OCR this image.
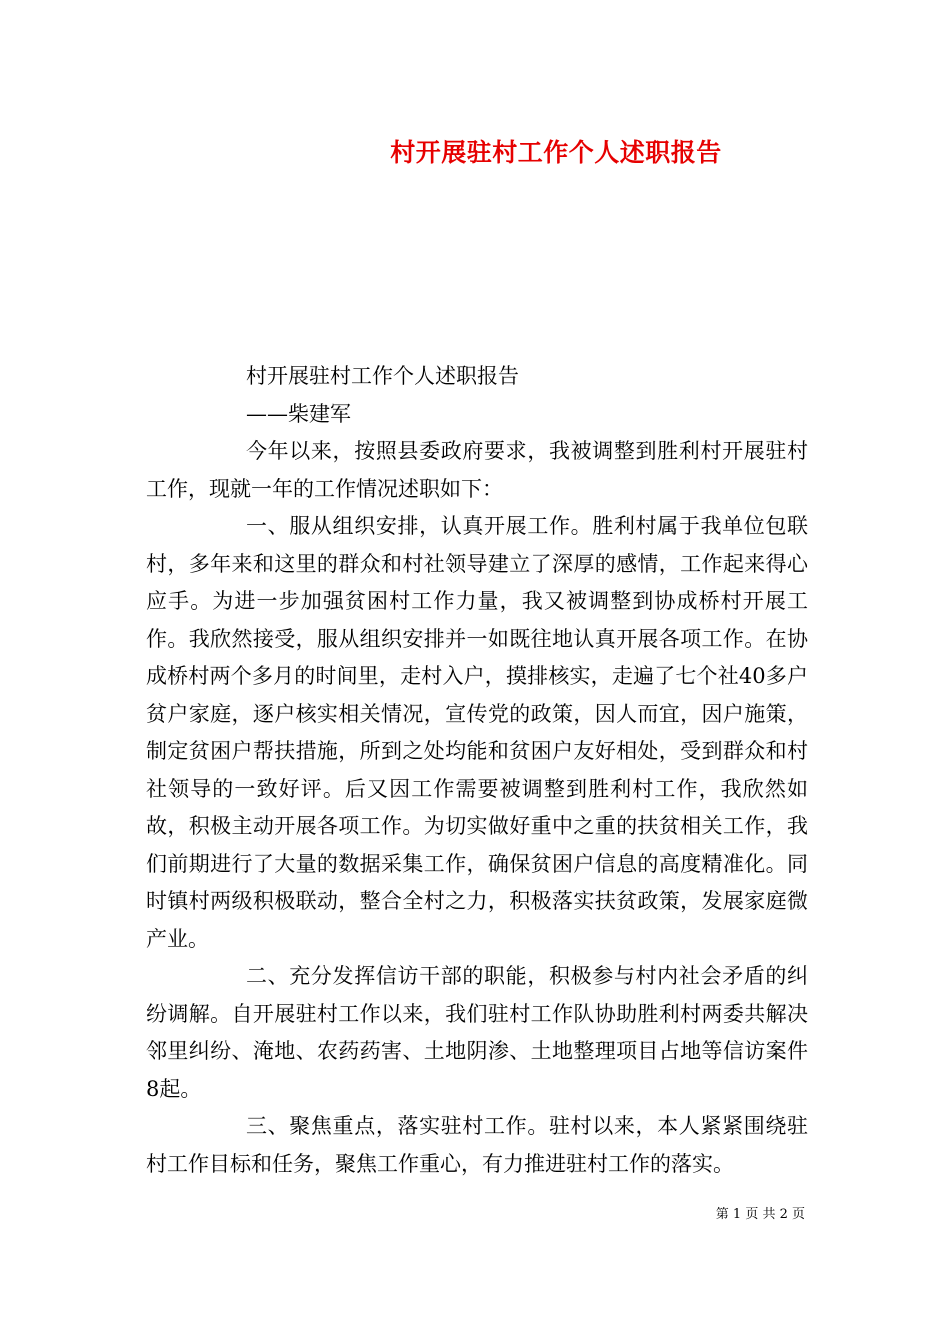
村开展驻村工作个人述职报告

村开展驻村工作个人述职报告

——柴建军

今年以来，按照县委政府要求，我被调整到胜利村开展驻村工作，现就一年的工作情况述职如下：

一、服从组织安排，认真开展工作。胜利村属于我单位包联村，多年来和这里的群众和村社领导建立了深厚的感情，工作起来得心应手。为进一步加强贫困村工作力量，我又被调整到协成桥村开展工作。我欣然接受，服从组织安排并一如既往地认真开展各项工作。在协成桥村两个多月的时间里，走村入户，摸排核实，走遍了七个社40多户贫户家庭，逐户核实相关情况，宣传党的政策，因人而宜，因户施策，制定贫困户帮扶措施，所到之处均能和贫困户友好相处，受到群众和村社领导的一致好评。后又因工作需要被调整到胜利村工作，我欣然如故，积极主动开展各项工作。为切实做好重中之重的扶贫相关工作，我们前期进行了大量的数据采集工作，确保贫困户信息的高度精准化。同时镇村两级积极联动，整合全村之力，积极落实扶贫政策，发展家庭微产业。

二、充分发挥信访干部的职能，积极参与村内社会矛盾的纠纷调解。自开展驻村工作以来，我们驻村工作队协助胜利村两委共解决邻里纠纷、淹地、农药药害、土地阴渗、土地整理项目占地等信访案件8起。

三、聚焦重点，落实驻村工作。驻村以来，本人紧紧围绕驻村工作目标和任务，聚焦工作重心，有力推进驻村工作的落实。

第 1 页 共 2 页
